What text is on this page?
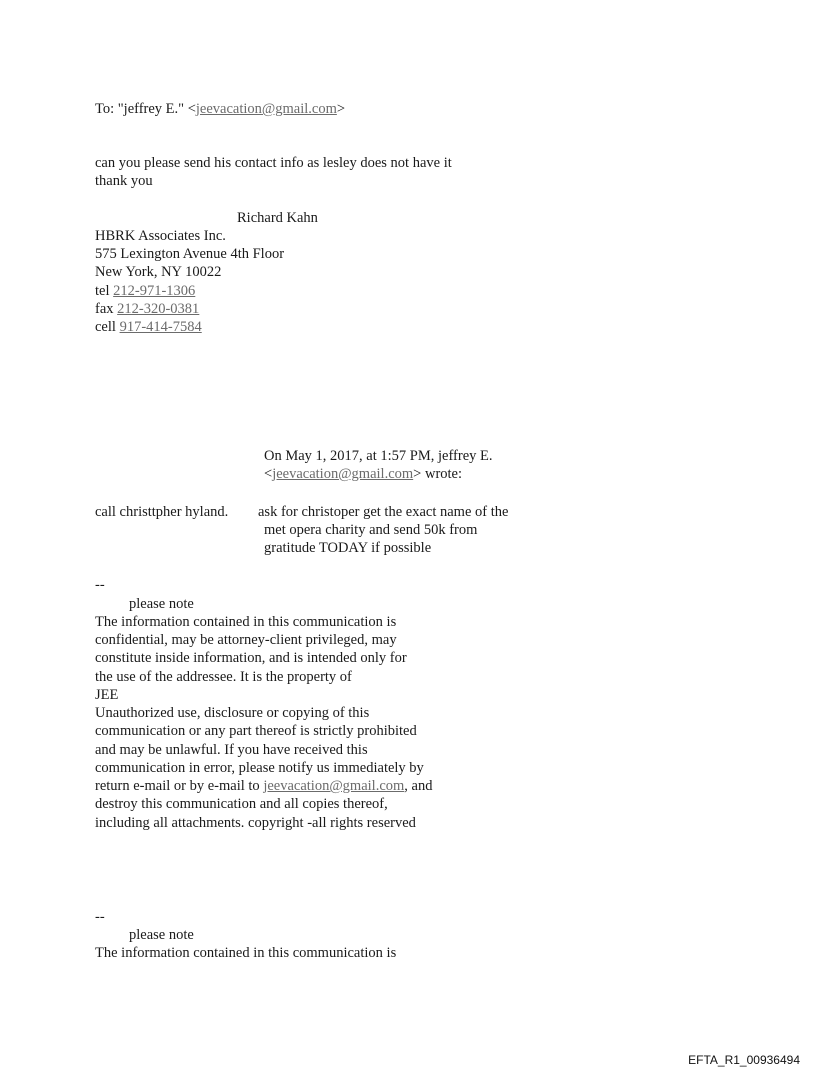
To: "jeffrey E." <jeevacation@gmail.com>
can you please send his contact info as lesley does not have it
thank you
Richard Kahn
HBRK Associates Inc.
575 Lexington Avenue 4th Floor
New York, NY 10022
tel 212-971-1306
fax 212-320-0381
cell 917-414-7584
On May 1, 2017, at 1:57 PM, jeffrey E.
<jeevacation@gmail.com> wrote:
call christtpher hyland. ask for christoper get the exact name of the
met opera charity and send 50k from
gratitude TODAY if possible
--
please note
The information contained in this communication is
confidential, may be attorney-client privileged, may
constitute inside information, and is intended only for
the use of the addressee. It is the property of
JEE
Unauthorized use, disclosure or copying of this
communication or any part thereof is strictly prohibited
and may be unlawful. If you have received this
communication in error, please notify us immediately by
return e-mail or by e-mail to jeevacation@gmail.com, and
destroy this communication and all copies thereof,
including all attachments. copyright -all rights reserved
--
please note
The information contained in this communication is
EFTA_R1_00936494
